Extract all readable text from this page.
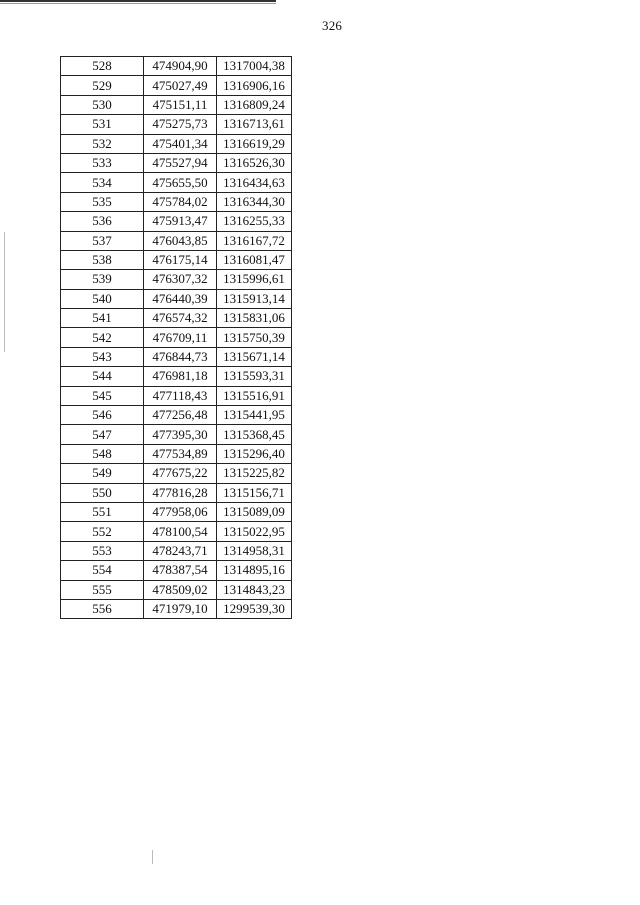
326
528	474904,90	1317004,38
529	475027,49	1316906,16
530	475151,11	1316809,24
531	475275,73	1316713,61
532	475401,34	1316619,29
533	475527,94	1316526,30
534	475655,50	1316434,63
535	475784,02	1316344,30
536	475913,47	1316255,33
537	476043,85	1316167,72
538	476175,14	1316081,47
539	476307,32	1315996,61
540	476440,39	1315913,14
541	476574,32	1315831,06
542	476709,11	1315750,39
543	476844,73	1315671,14
544	476981,18	1315593,31
545	477118,43	1315516,91
546	477256,48	1315441,95
547	477395,30	1315368,45
548	477534,89	1315296,40
549	477675,22	1315225,82
550	477816,28	1315156,71
551	477958,06	1315089,09
552	478100,54	1315022,95
553	478243,71	1314958,31
554	478387,54	1314895,16
555	478509,02	1314843,23
556	471979,10	1299539,30
